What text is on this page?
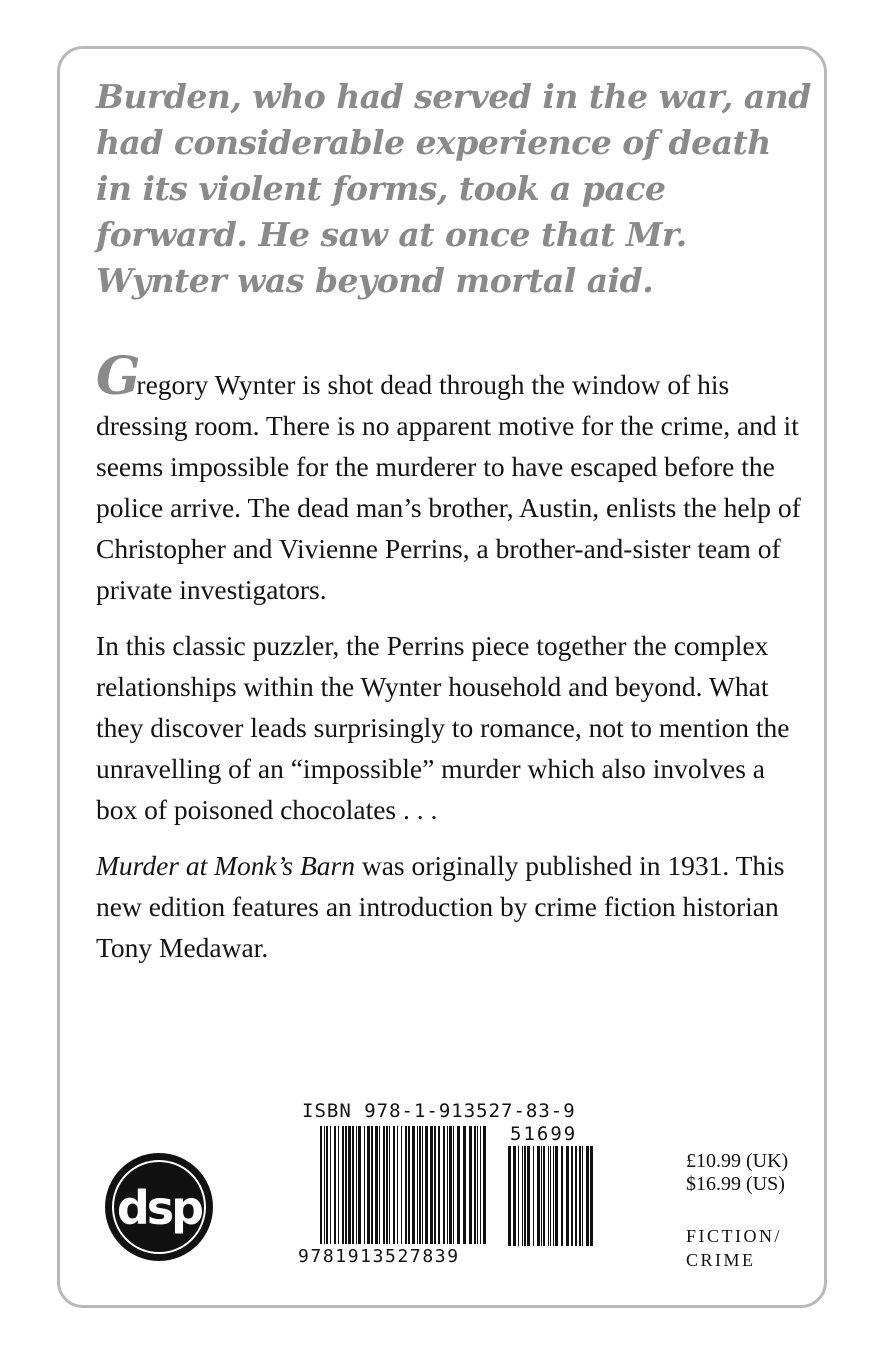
Burden, who had served in the war, and had considerable experience of death in its violent forms, took a pace forward. He saw at once that Mr. Wynter was beyond mortal aid.

Gregory Wynter is shot dead through the window of his dressing room. There is no apparent motive for the crime, and it seems impossible for the murderer to have escaped before the police arrive. The dead man’s brother, Austin, enlists the help of Christopher and Vivienne Perrins, a brother-and-sister team of private investigators.

In this classic puzzler, the Perrins piece together the complex relationships within the Wynter household and beyond. What they discover leads surprisingly to romance, not to mention the unravelling of an “impossible” murder which also involves a box of poisoned chocolates . . .

Murder at Monk’s Barn was originally published in 1931. This new edition features an introduction by crime fiction historian Tony Medawar.

ISBN 978-1-913527-83-9
51699
9781913527839
dsp
£10.99 (UK)
$16.99 (US)
FICTION/
CRIME
